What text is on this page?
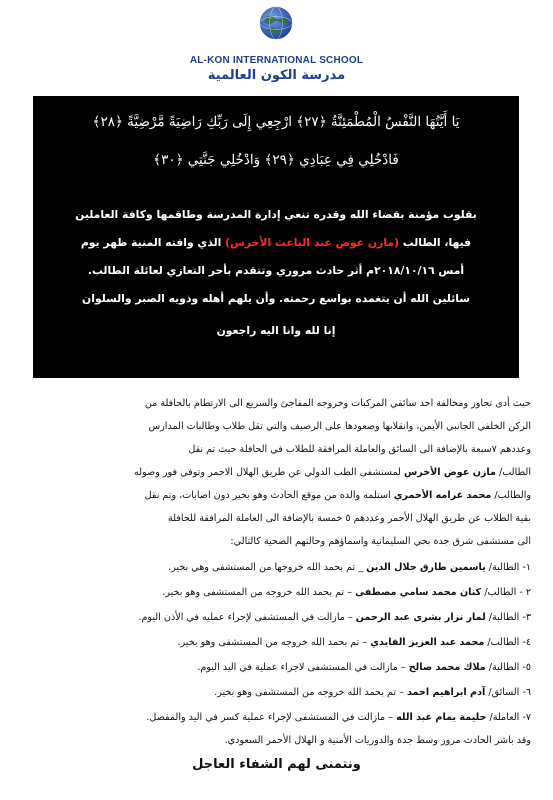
AL-KON INTERNATIONAL SCHOOL
مدرسة الكون العالمية
يَا أَيَّتُهَا النَّفْسُ الْمُطْمَئِنَّةُ ﴿٢٧﴾ ارْجِعِي إِلَى رَبِّكِ رَاضِيَةً مَّرْضِيَّةً ﴿٢٨﴾
فَادْخُلِي فِي عِبَادِي ﴿٢٩﴾ وَادْخُلِي جَنَّتِي ﴿٣٠﴾
بقلوب مؤمنة بقضاء الله وقدره تنعي إدارة المدرسة وطاقمها وكافة العاملين
فيها، الطالب (مازن عوض عبد الباعث الأخرس) الذي وافته المنية ظهر يوم
أمس ٢٠١٨/١٠/١٦م أثر حادث مروري وتتقدم بأحر التعازي لعائلة الطالب.
سائلين الله أن يتغمده بواسع رحمته. وأن يلهم أهله وذويه الصبر والسلوان
إنا لله وانا اليه راجعون
حيث أدى تجاوز ومخالفة احد سائقي المركبات وخروجه المفاجئ والسريع الى الارتطام بالحافلة من
الركن الخلفي الجانبي الأيمن، وانقلابها وصعودها على الرصيف والتي تقل طلاب وطالبات المدارس
وعددهم ٧سبعة بالإضافة الى السائق والعاملة المرافقة للطلاب في الحافلة حيث تم نقل
الطالب/ مازن عوض الأخرس لمستشفى الطب الدولي عن طريق الهلال الاحمر وتوفي فور وصوله
والطالب/ محمد غرامه الأحمري استلمه والده من موقع الحادث وهو بخير دون اصابات، وتم نقل
بقية الطلاب عن طريق الهلال الأحمر وعددهم ٥ خمسة بالإضافة الى العاملة المرافقة للحافلة
الى مستشفى شرق جدة بحي السليمانية واسماؤهم وحالتهم الصحية كالتالي:
١- الطالبة/ ياسمين طارق جلال الدين _ تم بحمد الله خروجها من المستشفى وهي بخير.
٢ - الطالب/ كنان محمد سامي مصطفى – تم بحمد الله خروجه من المستشفى وهو بخير.
٣- الطالبة/ لمار نزار بشرى عبد الرحمن – مازالت في المستشفى لإجراء عمليه في الأذن اليوم.
٤- الطالب/ محمد عبد العزيز الفايدي – تم بحمد الله خروجه من المستشفى وهو بخير.
٥- الطالبة/ ملاك محمد صالح – مازالت في المستشفى لاجراء عملية في اليد اليوم.
٦- السائق/ آدم ابراهيم احمد – تم بحمد الله خروجه من المستشفى وهو بخير.
٧- العاملة/ حليمة يمام عبد الله – مازالت في المستشفى لإجراء عملية كسر في اليد والمفصل.
وقد باشر الحادث مرور وسط جدة والدوريات الأمنية و الهلال الأحمر السعودي.
ونتمنى لهم الشفاء العاجل
